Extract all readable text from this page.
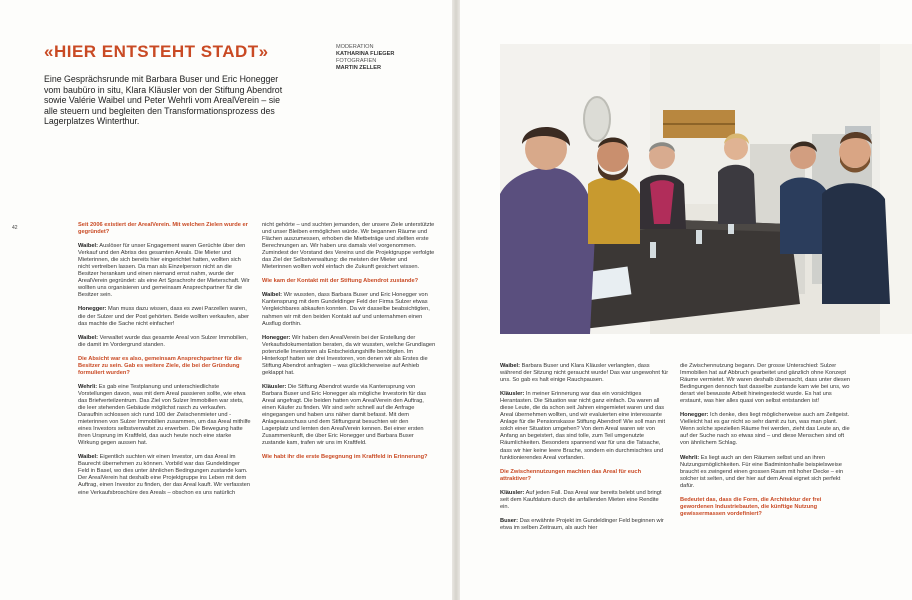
«HIER ENTSTEHT STADT»	MODERATION
KATHARINA FLIEGER
FOTOGRAFIEN
MARTIN ZELLER
Eine Gesprächsrunde mit Barbara Buser und Eric Honegger vom baubüro in situ, Klara Kläusler von der Stiftung Abendrot sowie Valérie Waibel und Peter Wehrli vom ArealVerein – sie alle steuern und begleiten den Transformationsprozess des Lagerplatzes Winterthur.
42	Seit 2006 existiert der ArealVerein. Mit welchen Zielen wurde er gegründet?

Waibel: Auslöser für unser Engagement waren Gerüchte über den Verkauf und den Abriss des gesamten Areals. Die Mieter und Mieterinnen, die sich bereits hier eingerichtet hatten, wollten sich nicht vertreiben lassen. Da man als Einzelperson nicht an die Besitzer herankam und einen niemand ernst nahm, wurde der ArealVerein gegründet: als eine Art Sprachrohr der Mieterschaft. Wir wollten uns organisieren und gemeinsam Ansprechpartner für die Besitzer sein.

Honegger: Man muss dazu wissen, dass es zwei Parzellen waren, die der Sulzer und der Post gehörten. Beide wollten verkaufen, aber das machte die Sache nicht einfacher!

Waibel: Verwaltet wurde das gesamte Areal von Sulzer Immobilien, die damit im Vordergrund standen.

Die Absicht war es also, gemeinsam Ansprechpartner für die Besitzer zu sein. Gab es weitere Ziele, die bei der Gründung formuliert wurden?

Wehrli: Es gab eine Testplanung und unterschiedlichste Vorstellungen davon, was mit dem Areal passieren sollte, wie etwa das Briefverteilzentrum. Das Ziel von Sulzer Immobilien war stets, die leer stehenden Gebäude möglichst rasch zu verkaufen. Daraufhin schlossen sich rund 100 der Zwischenmieter und -mieterinnen von Sulzer Immobilien zusammen, um das Areal mithilfe eines Investors selbstverwaltet zu erwerben. Die Bewegung hatte ihren Ursprung im Kraftfeld, das auch heute noch eine starke Wirkung gegen aussen hat.

Waibel: Eigentlich suchten wir einen Investor, um das Areal im Baurecht übernehmen zu können. Vorbild war das Gundeldinger Feld in Basel, wo dies unter ähnlichen Bedingungen zustande kam. Der ArealVerein hat deshalb eine Projektgruppe ins Leben mit dem Auftrag, einen Investor zu finden, der das Areal kauft. Wir verfassten eine Verkaufsbroschüre des Areals – obschon es uns natürlich

nicht gehörte – und suchten jemanden, der unsere Ziele unterstützte und unser Bleiben ermöglichen würde. Wir begannen Räume und Flächen auszumessen, erhoben die Mietbeträge und stellten erste Berechnungen an. Wir haben uns damals viel vorgenommen. Zumindest der Vorstand des Vereins und die Projektgruppe verfolgte das Ziel der Selbstverwaltung: die meisten der Mieter und Mieterinnen wollten wohl einfach die Zukunft gesichert wissen.

Wie kam der Kontakt mit der Stiftung Abendrot zustande?

Waibel: Wir wussten, dass Barbara Buser und Eric Honegger von Kantensprung mit dem Gundeldinger Feld der Firma Sulzer etwas Vergleichbares abkaufen konnten. Da wir dasselbe beabsichtigten, nahmen wir mit den beiden Kontakt auf und unternahmen einen Ausflug dorthin.

Honegger: Wir haben den ArealVerein bei der Erstellung der Verkaufsdokumentation beraten, da wir wussten, welche Grundlagen potenzielle Investoren als Entscheidungshilfe benötigten. Im Hinterkopf hatten wir drei Investoren, von denen wir als Erstes die Stiftung Abendrot anfragten – was glücklicherweise auf Anhieb geklappt hat.

Kläusler: Die Stiftung Abendrot wurde via Kantensprung von Barbara Buser und Eric Honegger als mögliche Investorin für das Areal angefragt. Die beiden hatten vom ArealVerein den Auftrag, einen Käufer zu finden. Wir sind sehr schnell auf die Anfrage eingegangen und haben uns näher damit befasst. Mit dem Anlageausschuss und dem Stiftungsrat besuchten wir den Lagerplatz und lernten den ArealVerein kennen. Bei einer ersten Zusammenkunft, die über Eric Honegger und Barbara Buser zustande kam, trafen wir uns im Kraftfeld.

Wie habt ihr die erste Begegnung im Kraftfeld in Erinnerung?

Waibel: Barbara Buser und Klara Kläusler verlangten, dass während der Sitzung nicht geraucht wurde! Das war ungewohnt für uns. So gab es halt einige Rauchpausen.

Kläusler: In meiner Erinnerung war das ein vorsichtiges Herantasten. Die Situation war nicht ganz einfach. Da waren all diese Leute, die da schon seit Jahren eingemietet waren und das Areal übernehmen wollten, und wir evaluierten eine interessante Anlage für die Pensionskasse Stiftung Abendrot! Wie soll man mit solch einer Situation umgehen? Von dem Areal waren wir von Anfang an begeistert, das sind tolle, zum Teil umgenutzte Räumlichkeiten. Besonders spannend war für uns die Tatsache, dass wir hier keine leere Brache, sondern ein durchmischtes und funktionierendes Areal vorfanden.

Die Zwischennutzungen machten das Areal für euch attraktiver?

Kläusler: Auf jeden Fall. Das Areal war bereits belebt und bringt seit dem Kaufdatum durch die anfallenden Mieten eine Rendite ein.

Buser: Das erwähnte Projekt im Gundeldinger Feld beginnen wir etwa im selben Zeitraum, als auch hier

die Zwischennutzung begann. Der grosse Unterschied: Sulzer Immobilien hat auf Abbruch gearbeitet und gänzlich ohne Konzept Räume vermietet. Wir waren deshalb überrascht, dass unter diesen Bedingungen dennoch fast dasselbe zustande kam wie bei uns, wo derart viel bewusste Arbeit hineingesteckt wurde. Es hat uns erstaunt, was hier alles quasi von selbst entstanden ist!

Honegger: Ich denke, dies liegt möglicherweise auch am Zeitgeist. Vielleicht hat es gar nicht so sehr damit zu tun, was man plant. Wenn solche speziellen Räume frei werden, zieht das Leute an, die auf der Suche nach so etwas sind – und diese Menschen sind oft von ähnlichem Schlag.

Wehrli: Es liegt auch an den Räumen selbst und an ihren Nutzungsmöglichkeiten. Für eine Badmintonhalle beispielsweise braucht es zwingend einen grossen Raum mit hoher Decke – ein solcher ist selten, und der hier auf dem Areal eignet sich perfekt dafür.

Bedeutet das, dass die Form, die Architektur der frei gewordenen Industriebauten, die künftige Nutzung gewissermassen vordefiniert?
